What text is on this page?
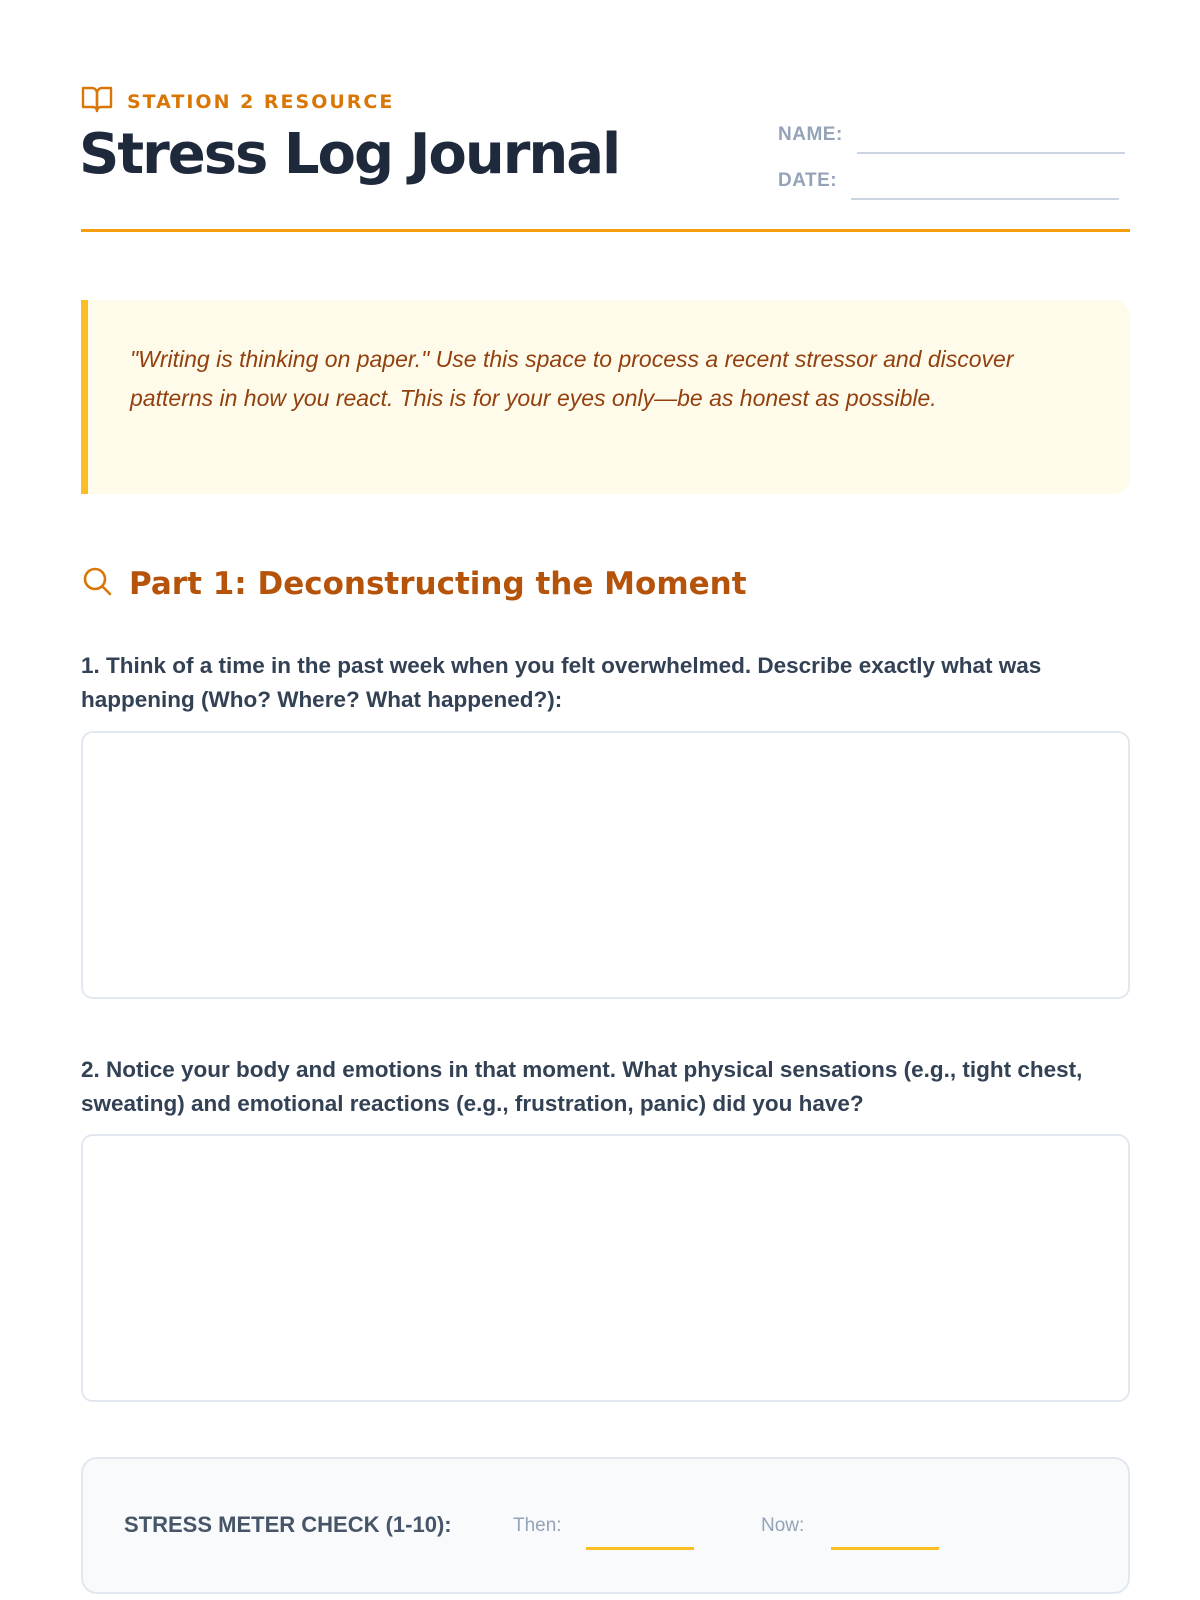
STATION 2 RESOURCE
Stress Log Journal	NAME:
DATE:

"Writing is thinking on paper." Use this space to process a recent stressor and discover patterns in how you react. This is for your eyes only—be as honest as possible.

Part 1: Deconstructing the Moment

1. Think of a time in the past week when you felt overwhelmed. Describe exactly what was happening (Who? Where? What happened?):

2. Notice your body and emotions in that moment. What physical sensations (e.g., tight chest, sweating) and emotional reactions (e.g., frustration, panic) did you have?

STRESS METER CHECK (1-10):	Then:	Now:
